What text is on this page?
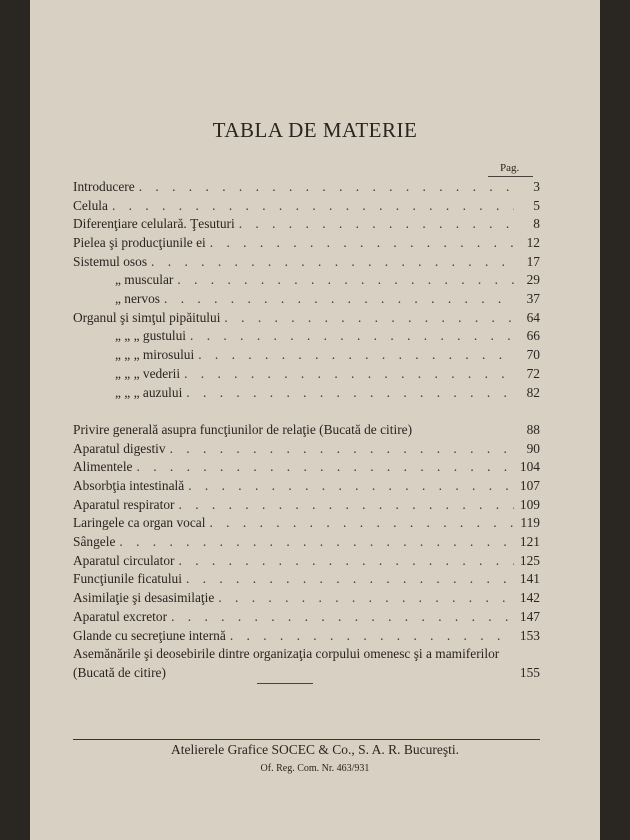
TABLA DE MATERIE
Pag.
Introducere . . .	3
Celula . . .	5
Diferenţiare celulară. Ţesuturi . . .	8
Pielea şi producţiunile ei . . .	12
Sistemul osos . . .	17
„ muscular . . .	29
„ nervos . . .	37
Organul şi simţul pipăitului . . .	64
„ „ „ gustului . . .	66
„ „ „ mirosului . . .	70
„ „ „ vederii . . .	72
„ „ „ auzului . . .	82
Privire generală asupra funcţiunilor de relaţie (Bucată de citire)	88
Aparatul digestiv . . .	90
Alimentele . . .	104
Absorbţia intestinală . . .	107
Aparatul respirator . . .	109
Laringele ca organ vocal . . .	119
Sângele . . .	121
Aparatul circulator . . .	125
Funcţiunile ficatului . . .	141
Asimilaţie şi desasimilaţie . . .	142
Aparatul excretor . . .	147
Glande cu secreţiune internă . . .	153
Asemănările şi deosebirile dintre organizaţia corpului omenesc şi a mamiferilor (Bucată de citire)	155
Atelierele Grafice SOCEC & Co., S. A. R. Bucureşti.
Of. Reg. Com. Nr. 463/931
